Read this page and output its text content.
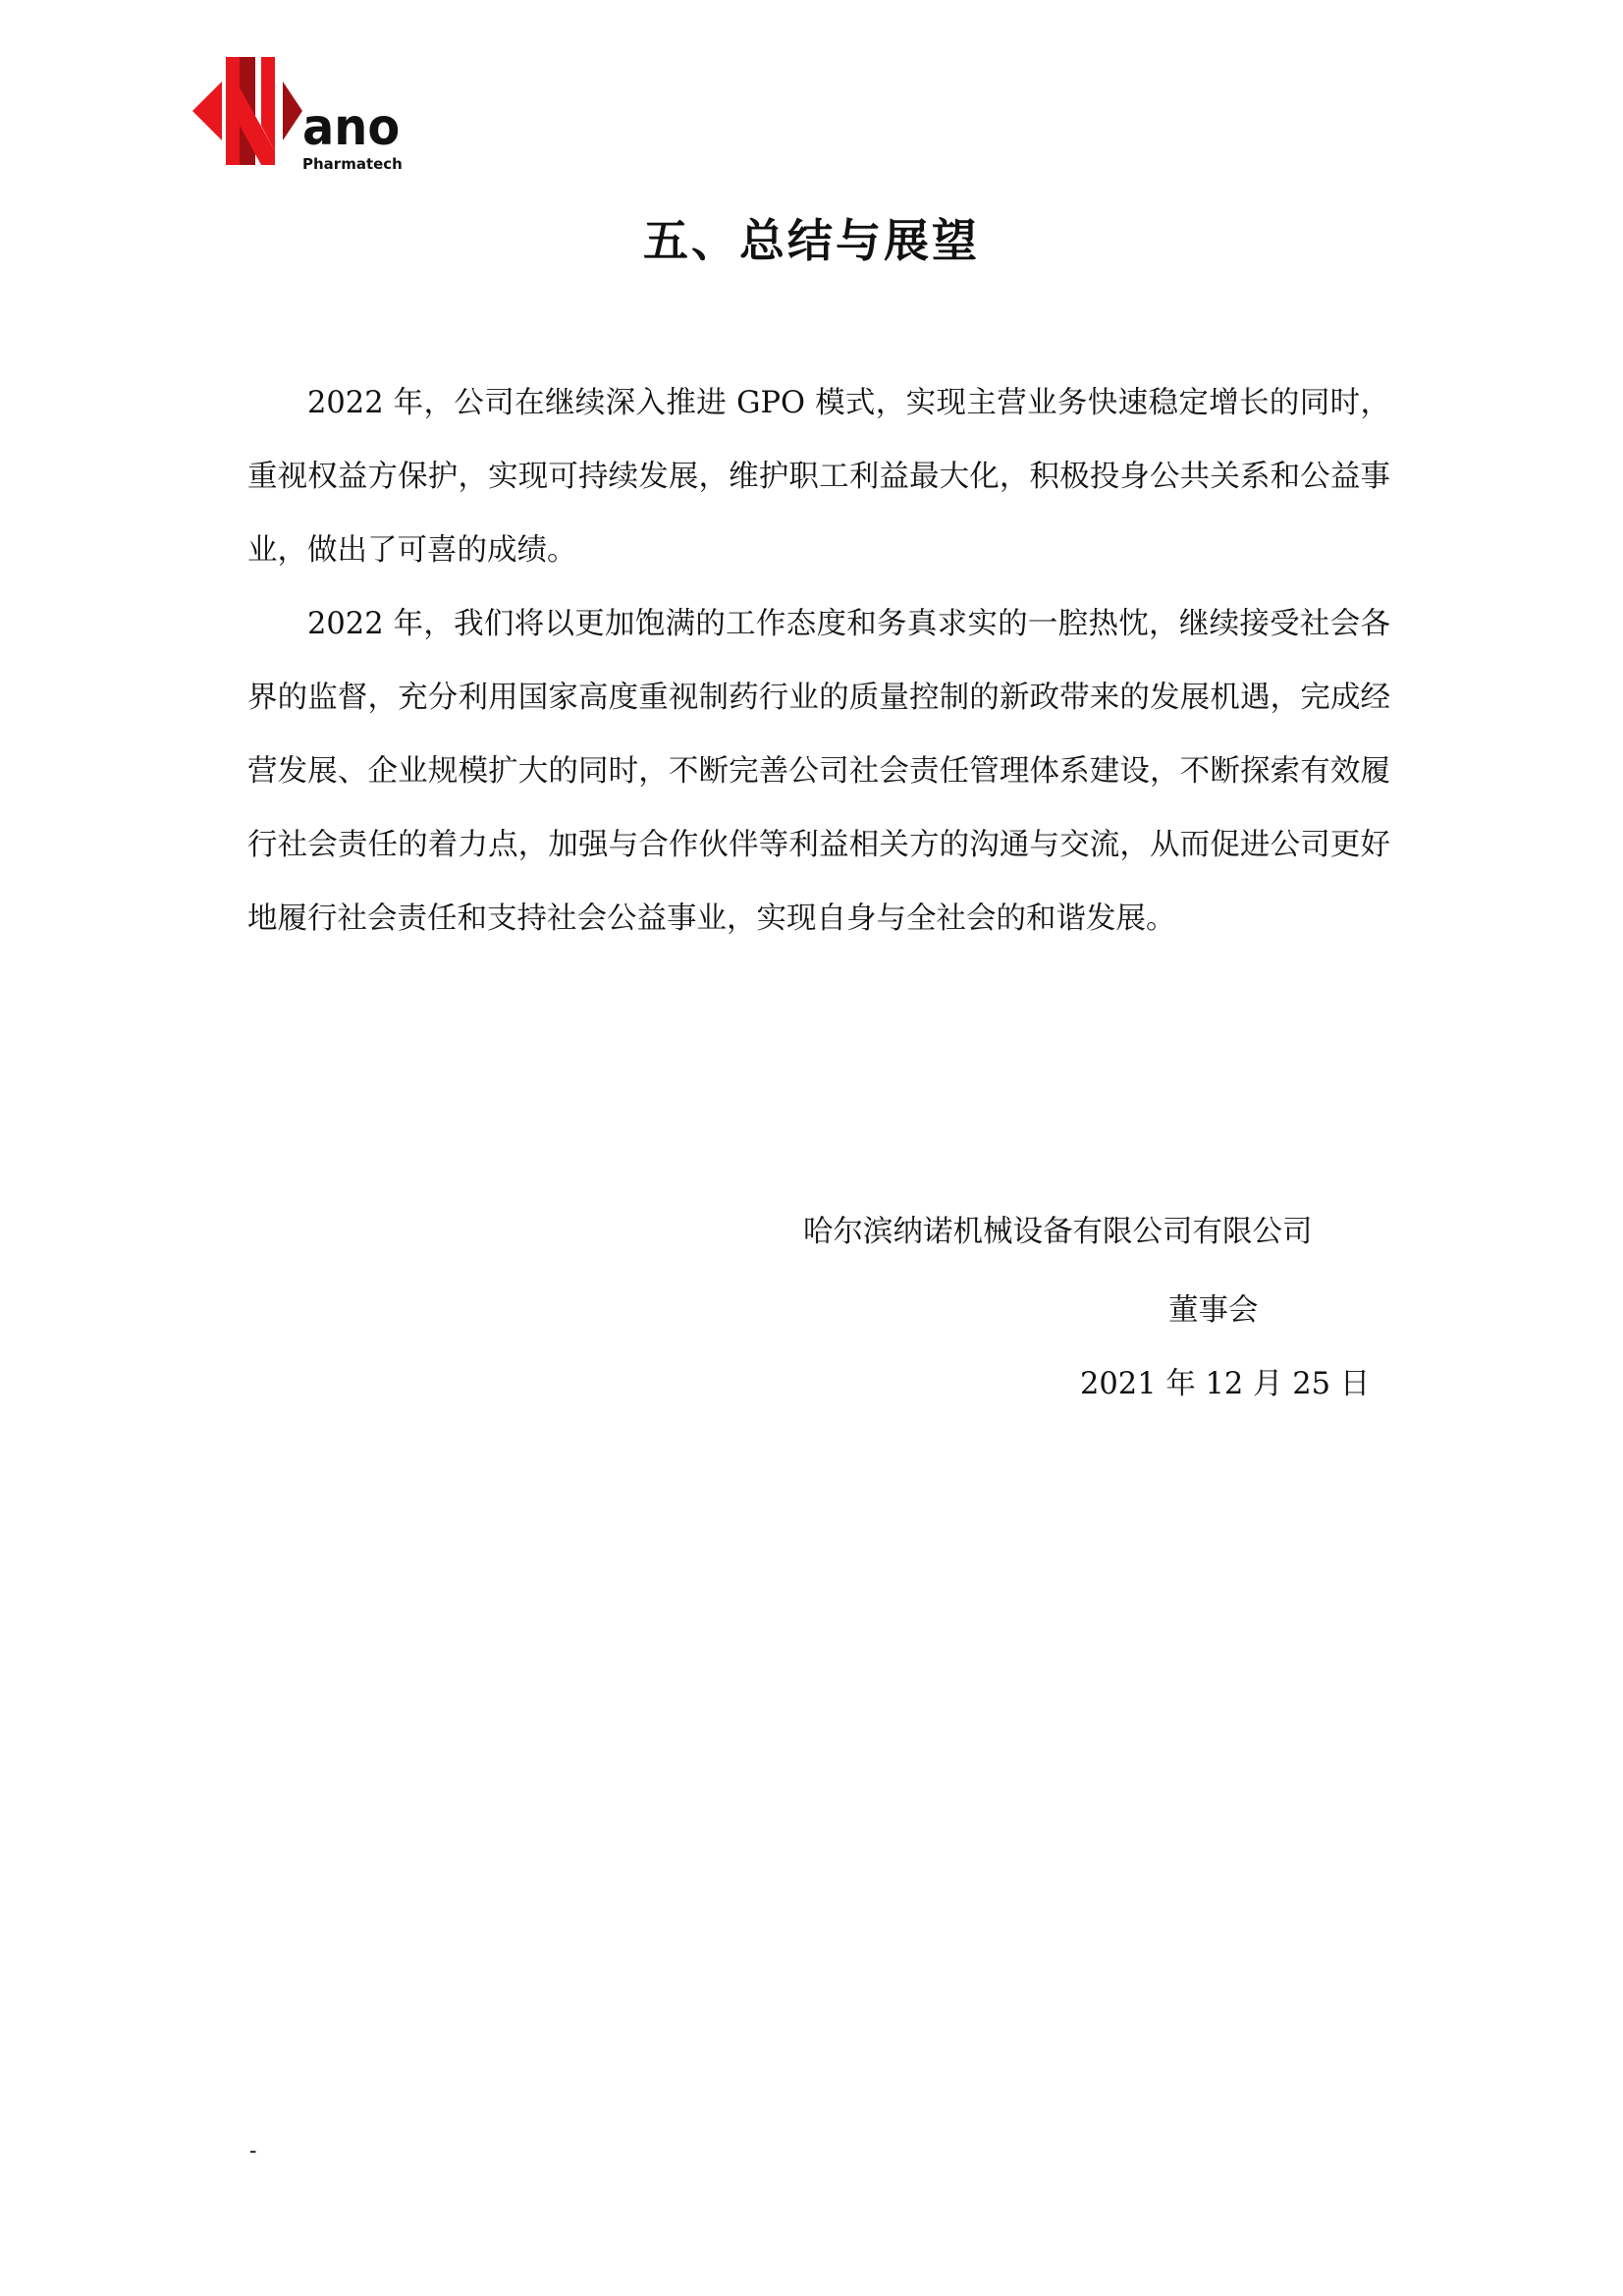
ano
Pharmatech
五、总结与展望

2022 年，公司在继续深入推进 GPO 模式，实现主营业务快速稳定增长的同时，重视权益方保护，实现可持续发展，维护职工利益最大化，积极投身公共关系和公益事业，做出了可喜的成绩。

2022 年，我们将以更加饱满的工作态度和务真求实的一腔热忱，继续接受社会各界的监督，充分利用国家高度重视制药行业的质量控制的新政带来的发展机遇，完成经营发展、企业规模扩大的同时，不断完善公司社会责任管理体系建设，不断探索有效履行社会责任的着力点，加强与合作伙伴等利益相关方的沟通与交流，从而促进公司更好地履行社会责任和支持社会公益事业，实现自身与全社会的和谐发展。

哈尔滨纳诺机械设备有限公司有限公司
董事会
2021 年 12 月 25 日
-
